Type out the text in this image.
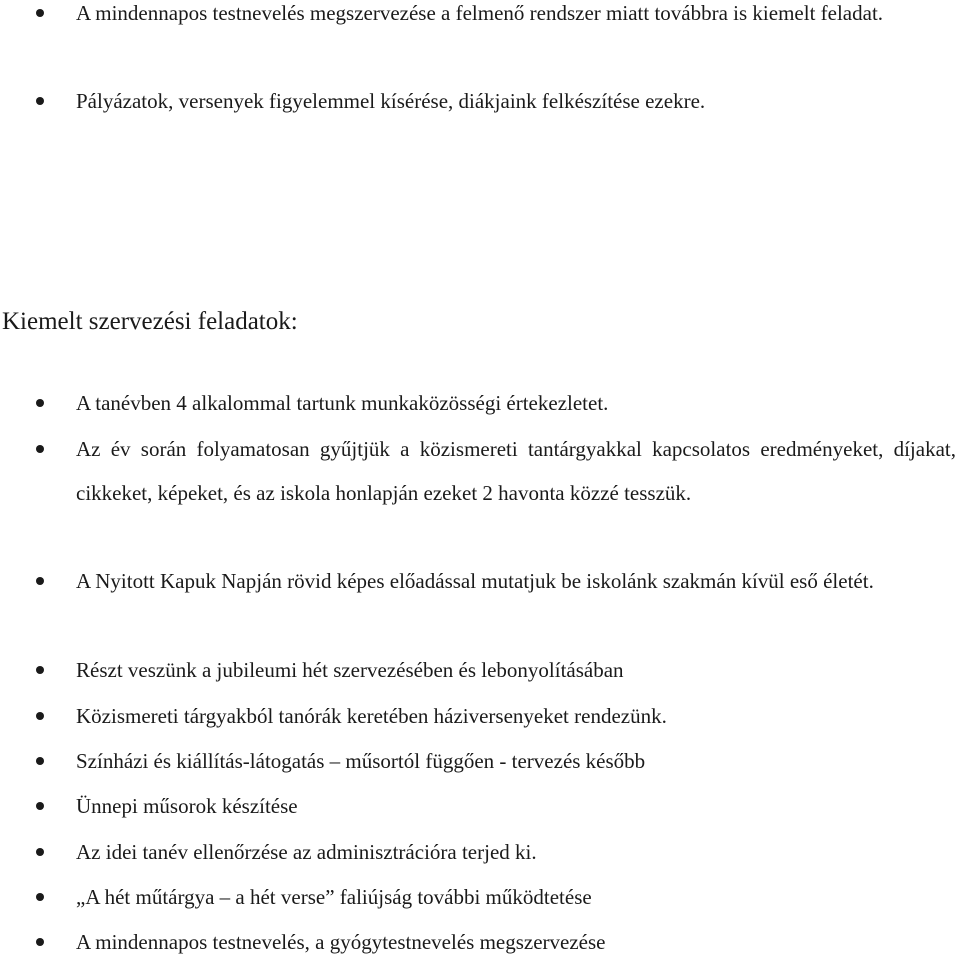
A mindennapos testnevelés megszervezése a felmenő rendszer miatt továbbra is kiemelt feladat.

Pályázatok, versenyek figyelemmel kísérése, diákjaink felkészítése ezekre.

Kiemelt szervezési feladatok:

A tanévben 4 alkalommal tartunk munkaközösségi értekezletet.

Az év során folyamatosan gyűjtjük a közismereti tantárgyakkal kapcsolatos eredményeket, díjakat, cikkeket, képeket, és az iskola honlapján ezeket 2 havonta közzé tesszük.

A Nyitott Kapuk Napján rövid képes előadással mutatjuk be iskolánk szakmán kívül eső életét.

Részt veszünk a jubileumi hét szervezésében és lebonyolításában

Közismereti tárgyakból tanórák keretében háziversenyeket rendezünk.

Színházi és kiállítás-látogatás – műsortól függően - tervezés később

Ünnepi műsorok készítése

Az idei tanév ellenőrzése az adminisztrációra terjed ki.

„A hét műtárgya – a hét verse” faliújság további működtetése

A mindennapos testnevelés, a gyógytestnevelés megszervezése
